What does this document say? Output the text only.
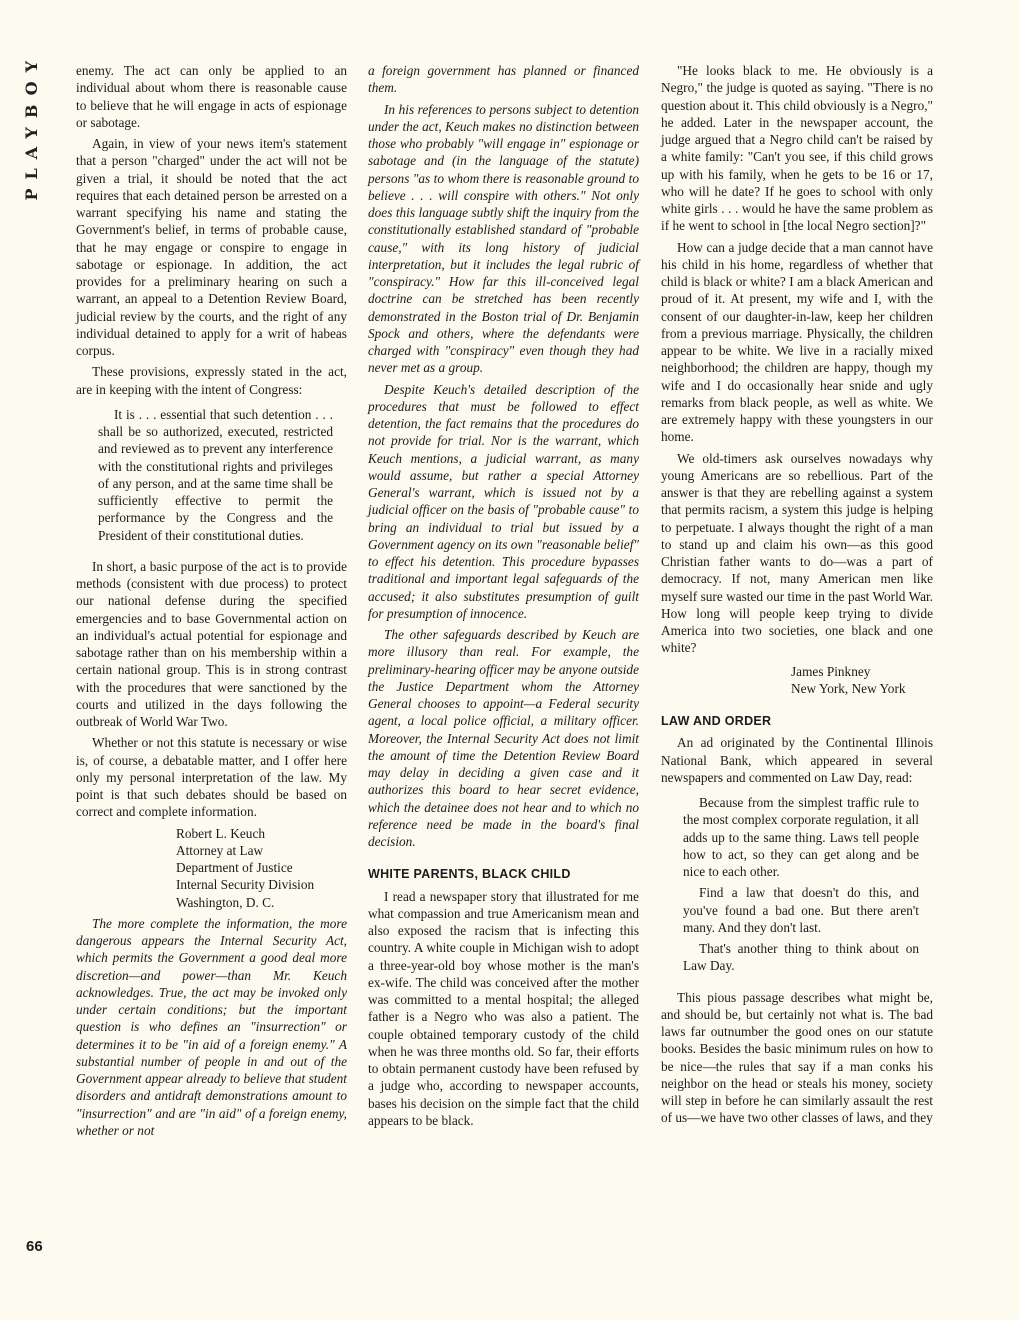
PLAYBOY
66

enemy. The act can only be applied to an individual about whom there is reasonable cause to believe that he will engage in acts of espionage or sabotage.

Again, in view of your news item's statement that a person "charged" under the act will not be given a trial, it should be noted that the act requires that each detained person be arrested on a warrant specifying his name and stating the Government's belief, in terms of probable cause, that he may engage or conspire to engage in sabotage or espionage. In addition, the act provides for a preliminary hearing on such a warrant, an appeal to a Detention Review Board, judicial review by the courts, and the right of any individual detained to apply for a writ of habeas corpus.

These provisions, expressly stated in the act, are in keeping with the intent of Congress:

It is . . . essential that such detention . . . shall be so authorized, executed, restricted and reviewed as to prevent any interference with the constitutional rights and privileges of any person, and at the same time shall be sufficiently effective to permit the performance by the Congress and the President of their constitutional duties.

In short, a basic purpose of the act is to provide methods (consistent with due process) to protect our national defense during the specified emergencies and to base Governmental action on an individual's actual potential for espionage and sabotage rather than on his membership within a certain national group. This is in strong contrast with the procedures that were sanctioned by the courts and utilized in the days following the outbreak of World War Two.

Whether or not this statute is necessary or wise is, of course, a debatable matter, and I offer here only my personal interpretation of the law. My point is that such debates should be based on correct and complete information.

Robert L. Keuch
Attorney at Law
Department of Justice
Internal Security Division
Washington, D. C.

The more complete the information, the more dangerous appears the Internal Security Act, which permits the Government a good deal more discretion—and power—than Mr. Keuch acknowledges. True, the act may be invoked only under certain conditions; but the important question is who defines an "insurrection" or determines it to be "in aid of a foreign enemy." A substantial number of people in and out of the Government appear already to believe that student disorders and antidraft demonstrations amount to "insurrection" and are "in aid" of a foreign enemy, whether or not

a foreign government has planned or financed them.

In his references to persons subject to detention under the act, Keuch makes no distinction between those who probably "will engage in" espionage or sabotage and (in the language of the statute) persons "as to whom there is reasonable ground to believe . . . will conspire with others." Not only does this language subtly shift the inquiry from the constitutionally established standard of "probable cause," with its long history of judicial interpretation, but it includes the legal rubric of "conspiracy." How far this ill-conceived legal doctrine can be stretched has been recently demonstrated in the Boston trial of Dr. Benjamin Spock and others, where the defendants were charged with "conspiracy" even though they had never met as a group.

Despite Keuch's detailed description of the procedures that must be followed to effect detention, the fact remains that the procedures do not provide for trial. Nor is the warrant, which Keuch mentions, a judicial warrant, as many would assume, but rather a special Attorney General's warrant, which is issued not by a judicial officer on the basis of "probable cause" to bring an individual to trial but issued by a Government agency on its own "reasonable belief" to effect his detention. This procedure bypasses traditional and important legal safeguards of the accused; it also substitutes presumption of guilt for presumption of innocence.

The other safeguards described by Keuch are more illusory than real. For example, the preliminary-hearing officer may be anyone outside the Justice Department whom the Attorney General chooses to appoint—a Federal security agent, a local police official, a military officer. Moreover, the Internal Security Act does not limit the amount of time the Detention Review Board may delay in deciding a given case and it authorizes this board to hear secret evidence, which the detainee does not hear and to which no reference need be made in the board's final decision.

WHITE PARENTS, BLACK CHILD

I read a newspaper story that illustrated for me what compassion and true Americanism mean and also exposed the racism that is infecting this country. A white couple in Michigan wish to adopt a three-year-old boy whose mother is the man's ex-wife. The child was conceived after the mother was committed to a mental hospital; the alleged father is a Negro who was also a patient. The couple obtained temporary custody of the child when he was three months old. So far, their efforts to obtain permanent custody have been refused by a judge who, according to newspaper accounts, bases his decision on the simple fact that the child appears to be black.

"He looks black to me. He obviously is a Negro," the judge is quoted as saying. "There is no question about it. This child obviously is a Negro," he added. Later in the newspaper account, the judge argued that a Negro child can't be raised by a white family: "Can't you see, if this child grows up with his family, when he gets to be 16 or 17, who will he date? If he goes to school with only white girls . . . would he have the same problem as if he went to school in [the local Negro section]?"

How can a judge decide that a man cannot have his child in his home, regardless of whether that child is black or white? I am a black American and proud of it. At present, my wife and I, with the consent of our daughter-in-law, keep her children from a previous marriage. Physically, the children appear to be white. We live in a racially mixed neighborhood; the children are happy, though my wife and I do occasionally hear snide and ugly remarks from black people, as well as white. We are extremely happy with these youngsters in our home.

We old-timers ask ourselves nowadays why young Americans are so rebellious. Part of the answer is that they are rebelling against a system that permits racism, a system this judge is helping to perpetuate. I always thought the right of a man to stand up and claim his own—as this good Christian father wants to do—was a part of democracy. If not, many American men like myself sure wasted our time in the past World War. How long will people keep trying to divide America into two societies, one black and one white?

James Pinkney
New York, New York
LAW AND ORDER

An ad originated by the Continental Illinois National Bank, which appeared in several newspapers and commented on Law Day, read:

Because from the simplest traffic rule to the most complex corporate regulation, it all adds up to the same thing. Laws tell people how to act, so they can get along and be nice to each other.

Find a law that doesn't do this, and you've found a bad one. But there aren't many. And they don't last.

That's another thing to think about on Law Day.

This pious passage describes what might be, and should be, but certainly not what is. The bad laws far outnumber the good ones on our statute books. Besides the basic minimum rules on how to be nice—the rules that say if a man conks his neighbor on the head or steals his money, society will step in before he can similarly assault the rest of us—we have two other classes of laws, and they
